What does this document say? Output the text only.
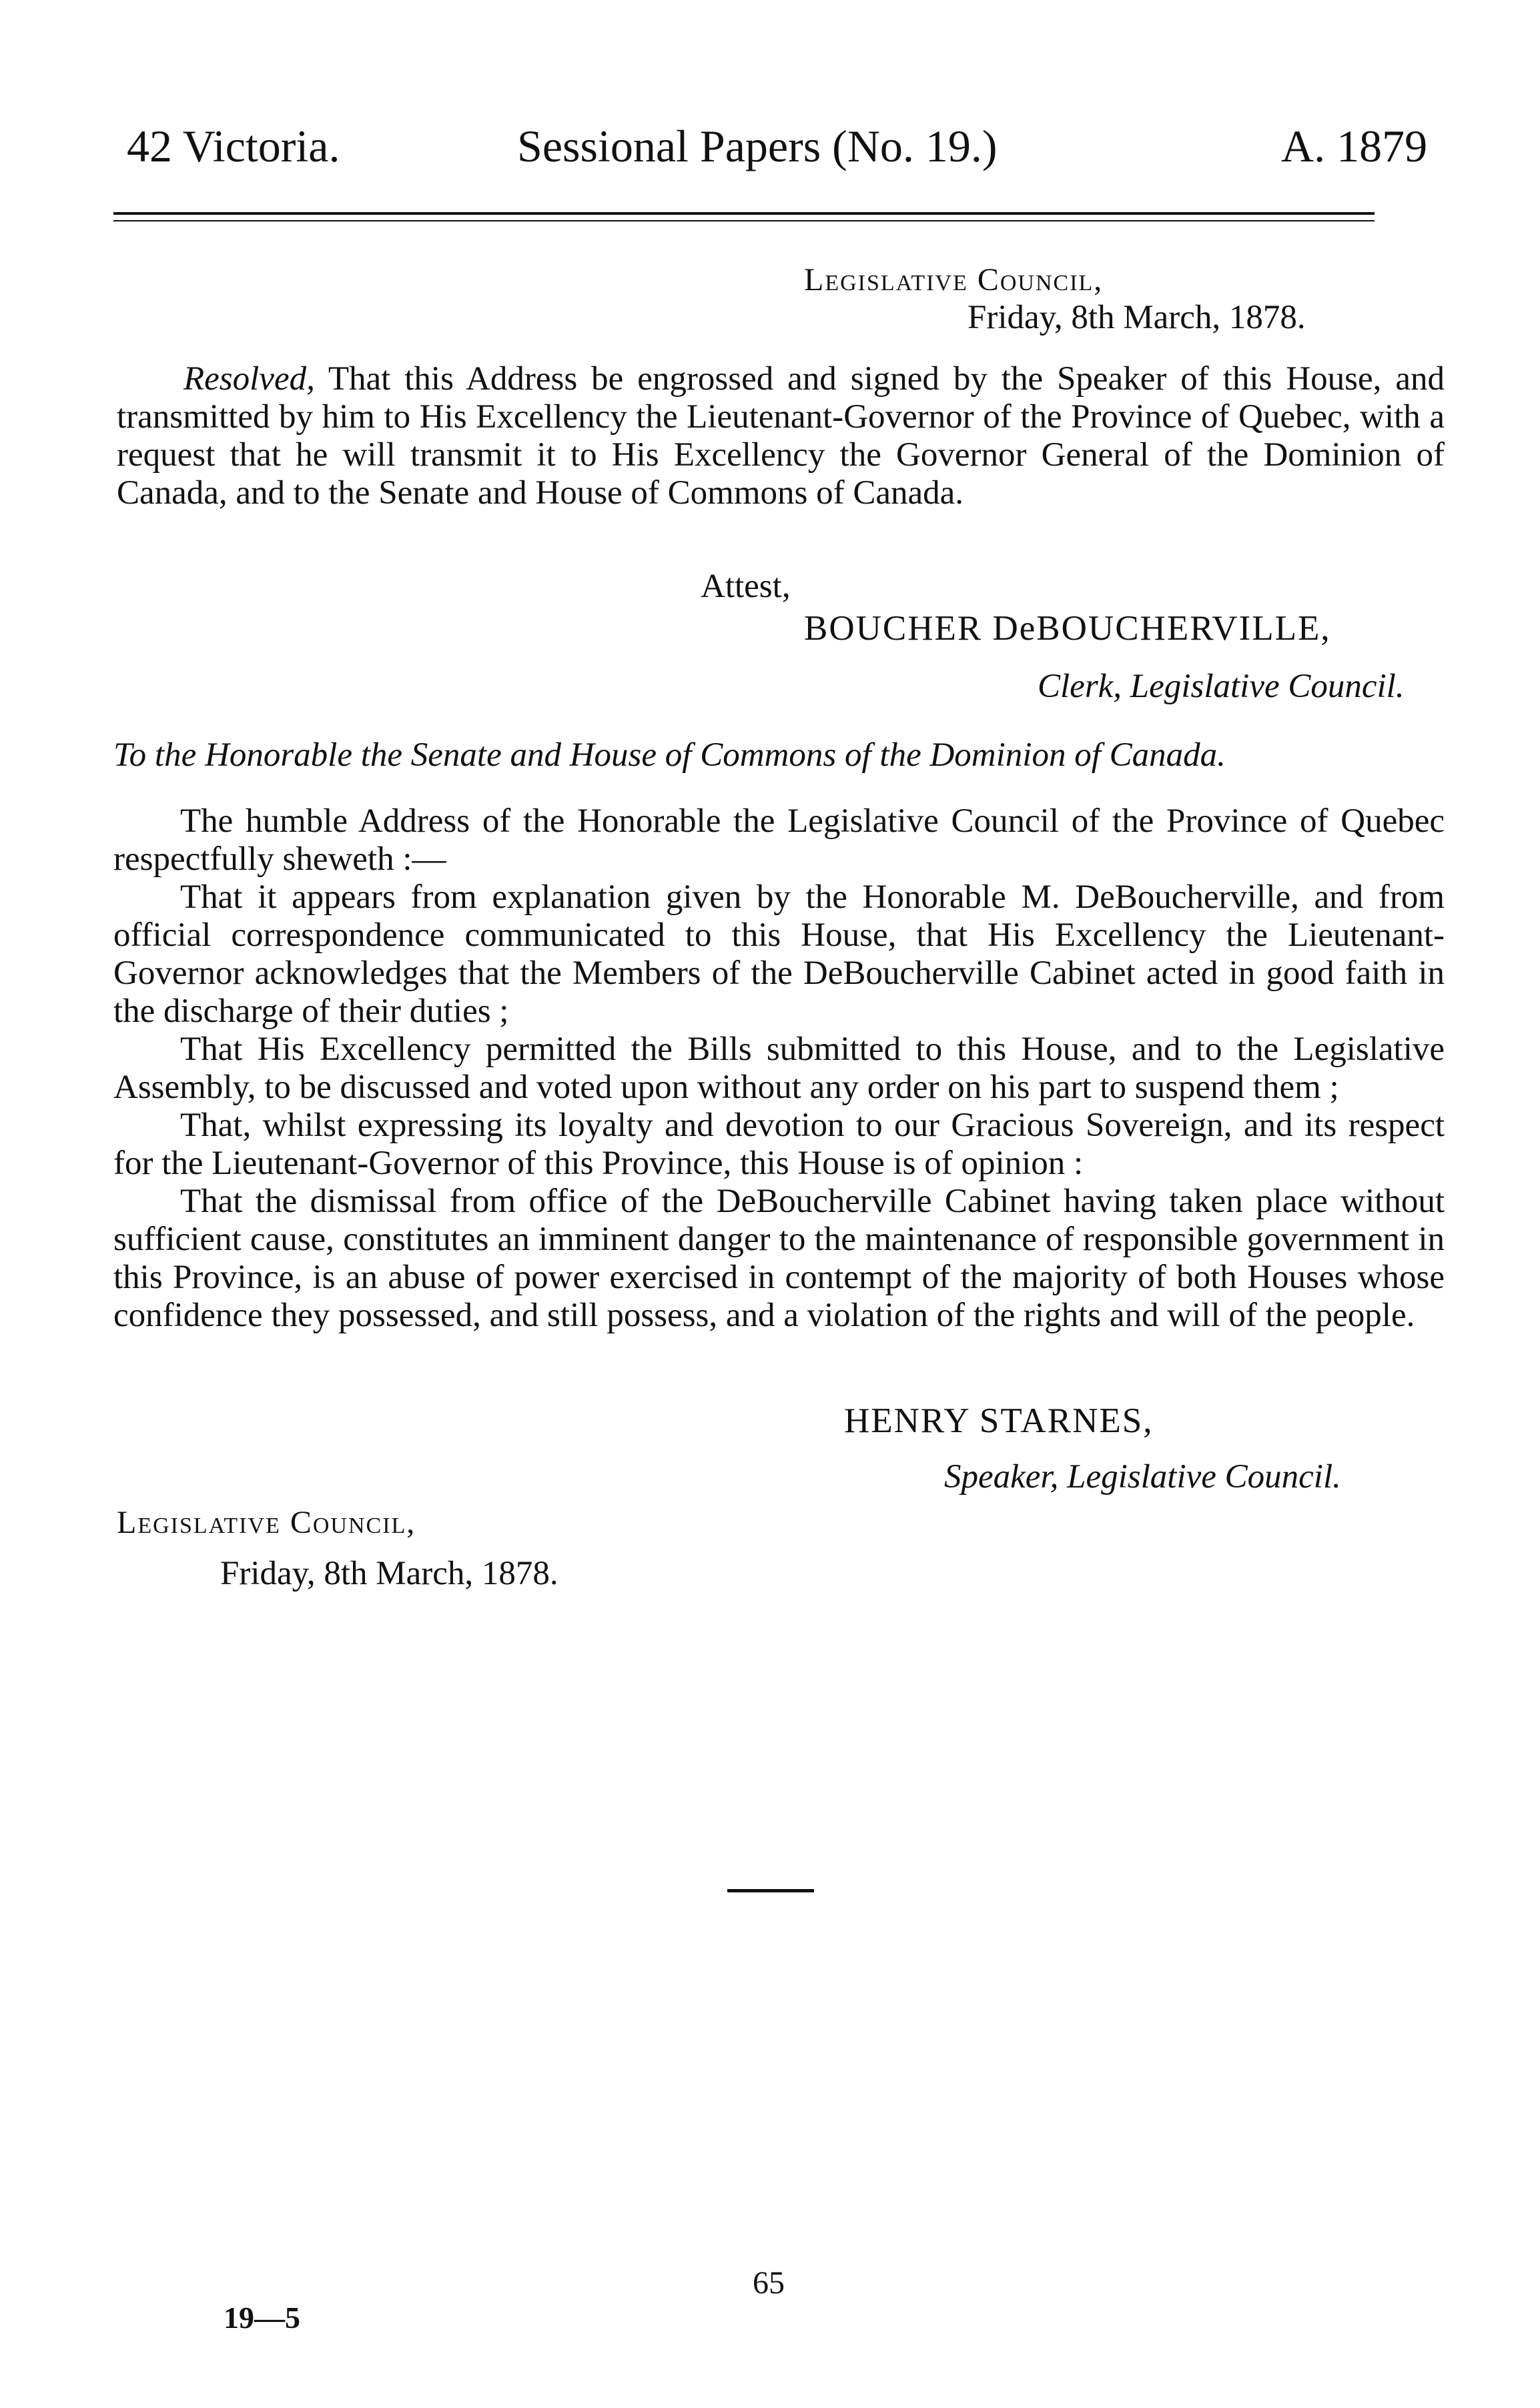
42 Victoria.	Sessional Papers (No. 19.)	A. 1879
Legislative Council,
Friday, 8th March, 1878.

Resolved, That this Address be engrossed and signed by the Speaker of this House, and transmitted by him to His Excellency the Lieutenant-Governor of the Province of Quebec, with a request that he will transmit it to His Excellency the Governor General of the Dominion of Canada, and to the Senate and House of Commons of Canada.

Attest,
BOUCHER DeBOUCHERVILLE,
Clerk, Legislative Council.
To the Honorable the Senate and House of Commons of the Dominion of Canada.

The humble Address of the Honorable the Legislative Council of the Province of Quebec respectfully sheweth :—

That it appears from explanation given by the Honorable M. DeBoucherville, and from official correspondence communicated to this House, that His Excellency the Lieutenant-Governor acknowledges that the Members of the DeBoucherville Cabinet acted in good faith in the discharge of their duties ;

That His Excellency permitted the Bills submitted to this House, and to the Legislative Assembly, to be discussed and voted upon without any order on his part to suspend them ;

That, whilst expressing its loyalty and devotion to our Gracious Sovereign, and its respect for the Lieutenant-Governor of this Province, this House is of opinion :

That the dismissal from office of the DeBoucherville Cabinet having taken place without sufficient cause, constitutes an imminent danger to the maintenance of responsible government in this Province, is an abuse of power exercised in contempt of the majority of both Houses whose confidence they possessed, and still possess, and a violation of the rights and will of the people.

HENRY STARNES,
Speaker, Legislative Council.
Legislative Council,
Friday, 8th March, 1878.
65
19—5
